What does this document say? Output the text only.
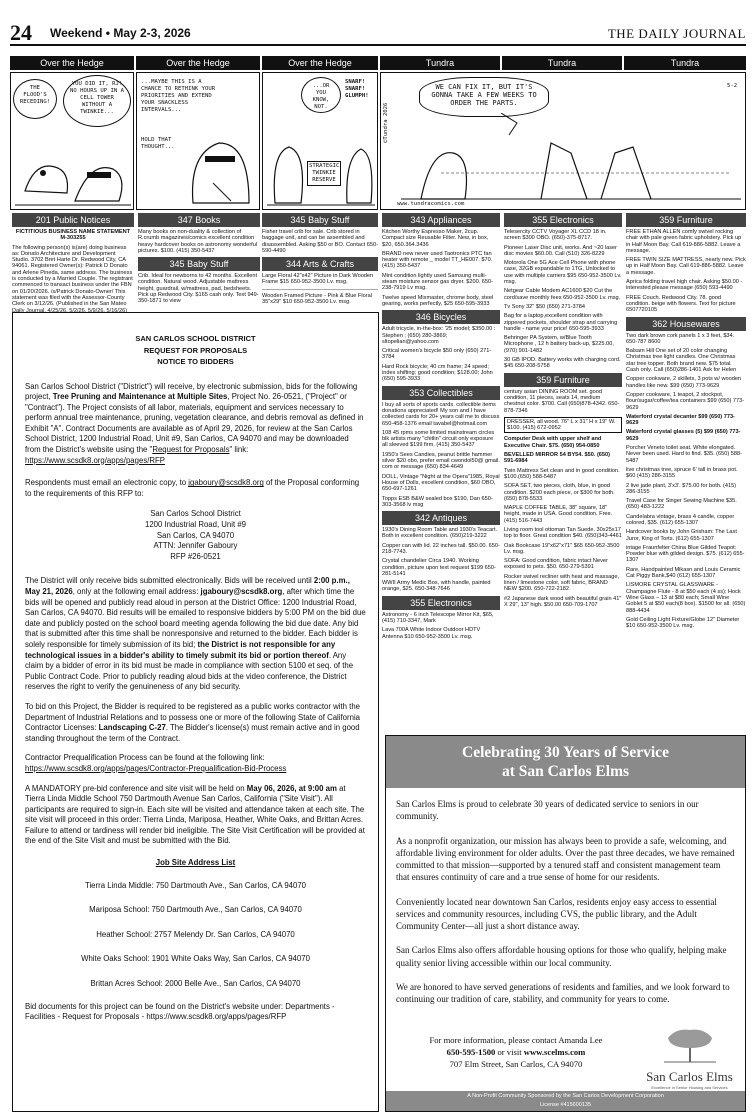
24 Weekend • May 2-3, 2026	THE DAILY JOURNAL
Over the Hedge	Over the Hedge	Over the Hedge	Tundra	Tundra	Tundra
THE FLOOD'S RECEDING!
YOU DID IT, RJ! NO HOURS UP IN A CELL TOWER WITHOUT A TWINKIE...
...MAYBE THIS IS A CHANCE TO RETHINK YOUR PRIORITIES AND EXTEND YOUR SNACKLESS INTERVALS...
HOLD THAT THOUGHT...
...OR YOU KNOW, NOT.
SNARF! SNARF! GLUMPH!
STRATEGIC TWINKIE RESERVE
WE CAN FIX IT, BUT IT'S GONNA TAKE A FEW WEEKS TO ORDER THE PARTS.
5-2
©Tundra 2026
www.tundracomics.com
201 Public Notices

FICTITIOUS BUSINESS NAME STATEMENT M-303255

The following person(s) is(are) doing business as: Donato Architecture and Development Studio. 3702 Bret Harte Dr. Redwood City, CA 94061. Registered Owner(s): Patrick D Donato and Arlene Pineda, same address. The business is conducted by a Married Couple. The registrant commenced to transact business under the FBN on 01/20/2026. /s/Patrick Donato-Owner/ This statement was filed with the Assessor-County Clerk on 3/12/26. (Published in the San Mateo Daily Journal, 4/25/26, 5/2/26, 5/9/26, 5/16/26)

347 Books

Many books on non-duality & collection of R.crumb magazines/comics excellent condition heavy hardcover books on astronomy wonderful pictures. $100. (415) 350-5437

345 Baby Stuff

Crib. Ideal for newborns to 42 months. Excellent condition. Natural wood. Adjustable mattress height, guardrail, w/mattress, pad, bedsheets. Pick up Redwood City. $165 cash only. Text 949-350-1871 to view

345 Baby Stuff

Fisher travel crib for sale. Crib stored in baggage unit, and can be assembled and disassembled. Asking $50 or BO. Contact 650-590-4490

344 Arts & Crafts

Large Floral 42"x42" Picture in Dark Wooden Frame $15 650-952-3500 Lv. msg.

Wooden Framed Picture - Pink & Blue Floral 35"x29" $10 650-952-3500 Lv. msg.

343 Appliances

Kitchen Worthy Espresso Maker, 2cup. Compact size Reusable Filter. New, in box, $20, 650.364.3436

BRAND new never used Taotronics PTC fan heater with remote _ model TT_HE007. $70. (415) 350-5437

Mint condition lightly used Samsung multi-steam moisture sensor gas dryer. $200. 650-238-7919 Lv msg.

Twelve speed Mixmaster, chrome body, steel gearing, works perfectly, $25 650-595-3933

346 Bicycles

Adult tricycle, in-the-box: '25 model; $350.00 : Stephen ; (650) 280-3869; sltopelian@yahoo.com

Critical women's bicycle $50 only (650) 271-3784

Hard Rock bicycle; 40 cm frame; 24 speed; index shifting; good condition; $128.00; John (650) 595-3933

353 Collectibles

I buy all sorts of sports cards. collectible items donations appreciated! My son and I have collected cards for 20+ years call me to discuss 650-458-1376 email tavabel@hotmail.com

108 45 rpms some limited mainstream circles blk artists many "chitlin" circuit only exposure all sleeved $199 firm. (415) 350-5437

1950's Sees Candies, peanut brittle hammer silver $20 obo, prefer email cwondol50@ gmail. com or message (650) 834-4649

DOLL, Vintage "Night at the Opera"1985, Royal House of Dolls, excellent condition, $60 OBO, 650-697-1261

Topps ESB B&W sealed box $190, Dan 650-303-3568 lv msg

342 Antiques

1930's Dining Room Table and 1930's Teacart. Both in excellent condition. (650)219-3222

Copper can with lid. 22 inches tall. $50.00. 650-218-7743.

Crystal chandelier Circa 1940. Working condition, picture upon text request $199 650-281-5141

WWII Army Medic Box, with handle, painted orange, $25. 650-348-7646

355 Electronics

Astronomy - 6 inch Telescope Mirror Kit, $65, (415) 710-3347, Mark

Lava 700A White Indoor Outdoor HDTV Antenna $10 650-952-3500 Lv. msg.

355 Electronics

Telesercity CCTV Voyager XL CCD 18 in. screen $300 OBO. (650)-375-8717.

Pioneer Laser Disc unit, works. And ~20 laser disc movies $60.00. Call (510) 326-8229

Motorola One 5G Ace Cell Phone with phone case, 32GB expandable to 1TG, Unlocked to use with multiple carriers $95 650-952-3500 Lv. msg.

Netgear Cable Modem AC1600 $20 Cut the cord/save monthly fees 650-952-3500 Lv. msg.

Tv Sony 32" $50 (650) 271-3784

Bag for a laptop,excellent condition with zippered pockets, shoulder strap and carrying handle - name your price! 650-595-3933

Behringer PA System, w/Blue Tooth Microphone , 12 h battery back-up, $225.00, (970) 901-1482

30 GB IPOD. Battery works with charging cord. $45 650-208-5758

359 Furniture

century asian DINING ROOM set. good condition, 11 pieces, seats 14, medium chestnut color. $700. Call (650)878-4342. 650-878-7346

DRESSER, all wood. 76" L x 31" H x 19" W. $100. (415) 672-0952

Computer Desk with upper shelf and Executive Chair. $75. (650) 954-0850

BEVELLED MIRROR 54 BY54. $50. (650) 591-6984

Twin Mattress Set clean and in good condition. $100.(650) 588-5487

SOFA SET, two pieces, cloth, blue, in good condition. $200 each piece, or $300 for both. (650) 878-5533

MAPLE COFFEE TABLE, 38" square, 18" height, made in USA. Good condition. Free.(415) 516-7443

Living room tool ottoman Tan Suede. 30x25x17 top to floor. Great condition $40. (650)343-4461

Oak Bookcase 19"x62"x71" $65 650-952-3500 Lv. msg.

SOFA: Good condition, fabric intact Never exposed to pets. $50. 650-279-5391

Rocker swivel recliner with heat and massage, linen / limestone color, soft fabric, BRAND NEW $200. 650-722-2182

#2 Japanese dark wood with beautiful grain 41" X 29", 13" high. $50.00 650-709-1707

359 Furniture

FREE ETHAN ALLEN comfy swivel rocking chair with pale green fabric upholstery. Pick up in Half Moon Bay. Call 619-886-5882. Leave a message.

FREE TWIN SIZE MATTRESS, nearly new. Pick up in Half Moon Bay. Call 619-886-5882. Leave a message.

Aprica folding travel high chair. Asking $50.00 - interested please message (650) 593-4490

FREE Couch. Redwood City. 78. good condition. beige with flowers. Text for picture 6507720105

362 Housewares

Two dark brown cork panels 1 x 3 feet, $34. 650-787 8600

Balsam Hill One set of 20 color changing Christmas tree light candles. One Christmas star tree topper. Both brand new. $75 total. Cash only. Call (650)286-1401 Ask for Helen

Copper cookware, 2 skillets, 3 pots w/ wooden handles like new. $99 (650) 773-9629

Copper cookware, 1 teapot, 2 stockpot, flour/sugar/coffee/tea containers $99 (650) 773-9629

Waterford crystal decanter $99 (650) 773-9629

Waterford crystal glasses (5) $99 (650) 773-9629

Porcher Veneto toilet seat. White elongated. Never been used. Hard to find. $35. (650) 588-5487

live christmas tree, spruce 6' tall in brass pot. $60 (415) 286-3155

2 live jade plant, 3'x3'. $75.00 for both. (415) 286-3155

Travel Case for Singer Sewing Machine $35. (650) 483-1222

Candelabra vintage, brass 4 candle, copper colored, $35. (612) 655-1307

Hardcover books by John Grisham: The Last Juror, King of Torts. (612) 655-1307

intage Fraunfelter China Blue Gilded Teapot: Powder blue with gilded design. $75. (612) 655-1307

Rare, Handpainted Mikasn and Louis Ceramic Cat Piggy Bank,$40 (612) 655-1307

LISMORE CRYSTAL GLASSWARE - Champagne Flute - 8 at $50 each (4 ss); Hock Wine Glass – 13 at $80 each; Small Wine Goblet 5 at $50 each(8 box). $1500 for all. (650) 888-4434

Gold Ceiling Light Fixture/Globe 12" Diameter $10 650-952-3500 Lv. msg.

SAN CARLOS SCHOOL DISTRICT
REQUEST FOR PROPOSALS
NOTICE TO BIDDERS
San Carlos School District ("District") will receive, by electronic submission, bids for the following project, Tree Pruning and Maintenance at Multiple Sites, Project No. 26-0521, ("Project" or "Contract"). The Project consists of all labor, materials, equipment and services necessary to perform annual tree maintenance, pruning, vegetation clearance, and debris removal as defined in Exhibit "A". Contract Documents are available as of April 29, 2026, for review at the San Carlos School District, 1200 Industrial Road, Unit #9, San Carlos, CA 94070 and may be downloaded from the District's website using the "Request for Proposals" link: https://www.scsdk8.org/apps/pages/RFP
Respondents must email an electronic copy, to jgaboury@scsdk8.org of the Proposal conforming to the requirements of this RFP to:
San Carlos School District
1200 Industrial Road, Unit #9
San Carlos, CA 94070
ATTN: Jennifer Gaboury
RFP #26-0521
The District will only receive bids submitted electronically. Bids will be received until 2:00 p.m., May 21, 2026, only at the following email address: jgaboury@scsdk8.org, after which time the bids will be opened and publicly read aloud in person at the District Office: 1200 Industrial Road, San Carlos, CA 94070. Bid results will be emailed to responsive bidders by 5:00 PM on the bid due date and publicly posted on the school board meeting agenda following the bid due date. Any bid that is submitted after this time shall be nonresponsive and returned to the bidder. Each bidder is solely responsible for timely submission of its bid; the District is not responsible for any technological issues in a bidder's ability to timely submit its bid or portion thereof. Any claim by a bidder of error in its bid must be made in compliance with section 5100 et seq. of the Public Contract Code. Prior to publicly reading aloud bids at the video conference, the District reserves the right to verify the genuineness of any bid security.
To bid on this Project, the Bidder is required to be registered as a public works contractor with the Department of Industrial Relations and to possess one or more of the following State of California Contractor Licenses: Landscaping C-27. The Bidder's license(s) must remain active and in good standing throughout the term of the Contract.
Contractor Prequalification Process can be found at the following link:
https://www.scsdk8.org/apps/pages/Contractor-Prequalification-Bid-Process
A MANDATORY pre-bid conference and site visit will be held on May 06, 2026, at 9:00 am at Tierra Linda Middle School 750 Dartmouth Avenue San Carlos, California ("Site Visit"). All participants are required to sign-in. Each site will be visited and attendance taken at each site. The site visit will proceed in this order: Tierra Linda, Mariposa, Heather, White Oaks, and Brittan Acres. Failure to attend or tardiness will render bid ineligible. The Site Visit Certification will be provided at the end of the Site Visit and must be submitted with the Bid.
Job Site Address List
Tierra Linda Middle: 750 Dartmouth Ave., San Carlos, CA 94070
Mariposa School: 750 Dartmouth Ave., San Carlos, CA 94070
Heather School: 2757 Melendy Dr. San Carlos, CA 94070
White Oaks School: 1901 White Oaks Way, San Carlos, CA 94070
Brittan Acres School: 2000 Belle Ave., San Carlos, CA 94070
Bid documents for this project can be found on the District's website under: Departments - Facilities - Request for Proposals - https://www.scsdk8.org/apps/pages/RFP
Celebrating 30 Years of Service
at San Carlos Elms

San Carlos Elms is proud to celebrate 30 years of dedicated service to seniors in our community.

As a nonprofit organization, our mission has always been to provide a safe, welcoming, and affordable living environment for older adults. Over the past three decades, we have remained committed to that mission—supported by a tenured staff and consistent management team that ensures continuity of care and a true sense of home for our residents.

Conveniently located near downtown San Carlos, residents enjoy easy access to essential services and community resources, including CVS, the public library, and the Adult Community Center—all just a short distance away.

San Carlos Elms also offers affordable housing options for those who qualify, helping make quality senior living accessible within our local community.

We are honored to have served generations of residents and families, and we look forward to continuing our tradition of care, stability, and community for years to come.

For more information, please contact Amanda Lee
650-595-1500 or visit www.scelms.com
707 Elm Street, San Carlos, CA 94070
San Carlos Elms
Excellence in Senior Housing and Services
A Non-Profit Community Sponsored by the San Carlos Development Corporation
License #415600135
